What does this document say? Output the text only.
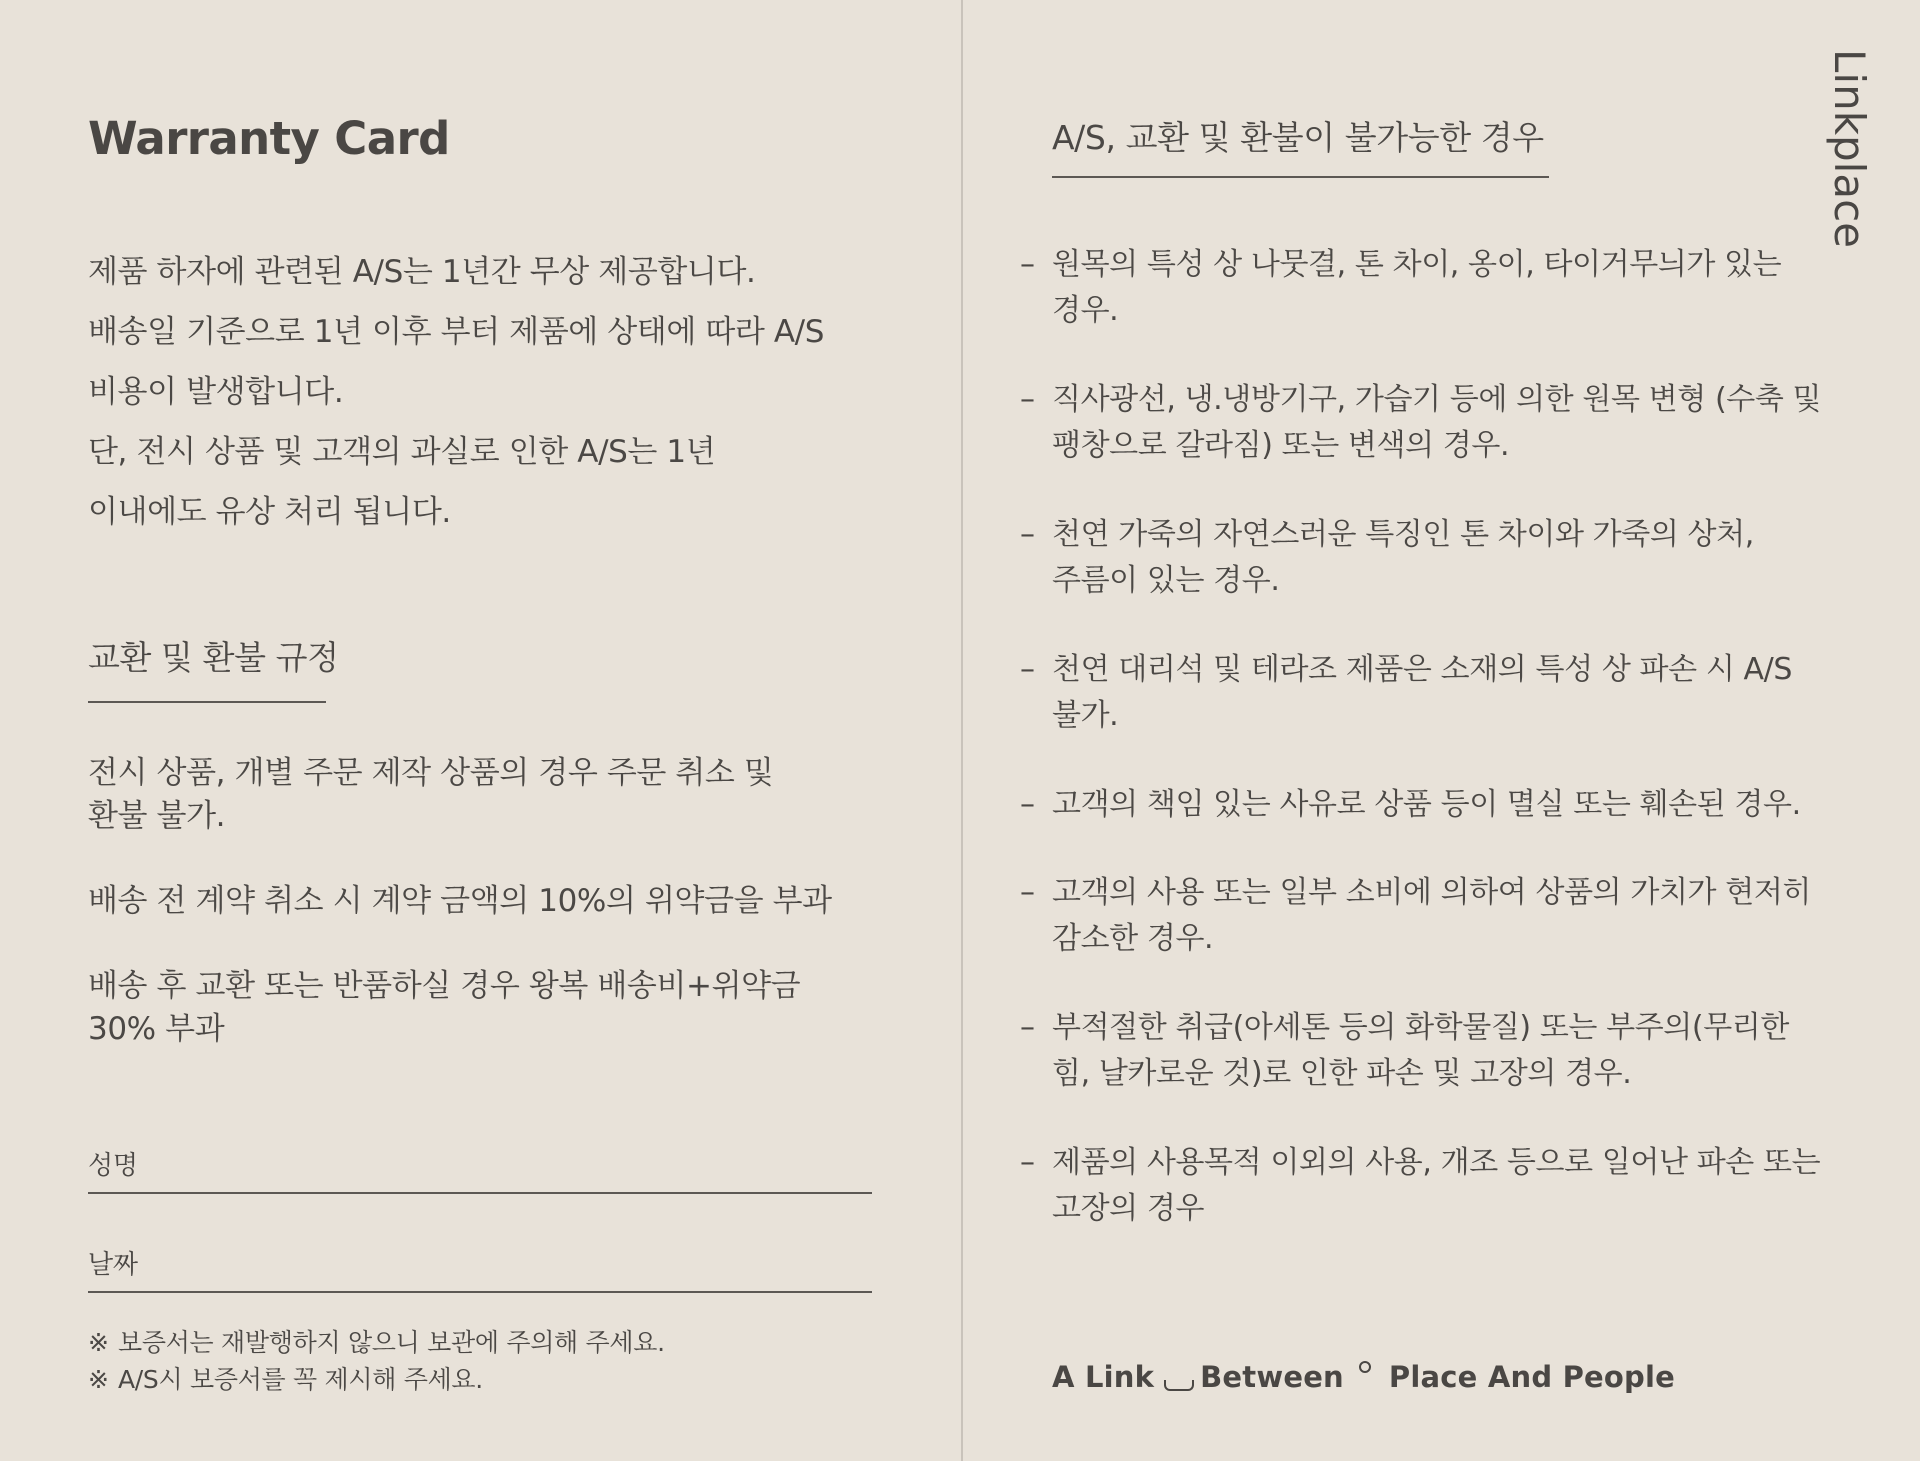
Warranty Card

제품 하자에 관련된 A/S는 1년간 무상 제공합니다.

배송일 기준으로 1년 이후 부터 제품에 상태에 따라 A/S

비용이 발생합니다.

단, 전시 상품 및 고객의 과실로 인한 A/S는 1년

이내에도 유상 처리 됩니다.

교환 및 환불 규정
전시 상품, 개별 주문 제작 상품의 경우 주문 취소 및
환불 불가.
배송 전 계약 취소 시 계약 금액의 10%의 위약금을 부과
배송 후 교환 또는 반품하실 경우 왕복 배송비+위약금
30% 부과
성명
날짜

※ 보증서는 재발행하지 않으니 보관에 주의해 주세요.

※ A/S시 보증서를 꼭 제시해 주세요.

A/S, 교환 및 환불이 불가능한 경우
– 원목의 특성 상 나뭇결, 톤 차이, 옹이, 타이거무늬가 있는
경우.
– 직사광선, 냉.냉방기구, 가습기 등에 의한 원목 변형 (수축 및
팽창으로 갈라짐) 또는 변색의 경우.
– 천연 가죽의 자연스러운 특징인 톤 차이와 가죽의 상처,
주름이 있는 경우.
– 천연 대리석 및 테라조 제품은 소재의 특성 상 파손 시 A/S
불가.
– 고객의 책임 있는 사유로 상품 등이 멸실 또는 훼손된 경우.
– 고객의 사용 또는 일부 소비에 의하여 상품의 가치가 현저히
감소한 경우.
– 부적절한 취급(아세톤 등의 화학물질) 또는 부주의(무리한
힘, 날카로운 것)로 인한 파손 및 고장의 경우.
– 제품의 사용목적 이외의 사용, 개조 등으로 일어난 파손 또는
고장의 경우
A Link Between Place And People
Linkplace
